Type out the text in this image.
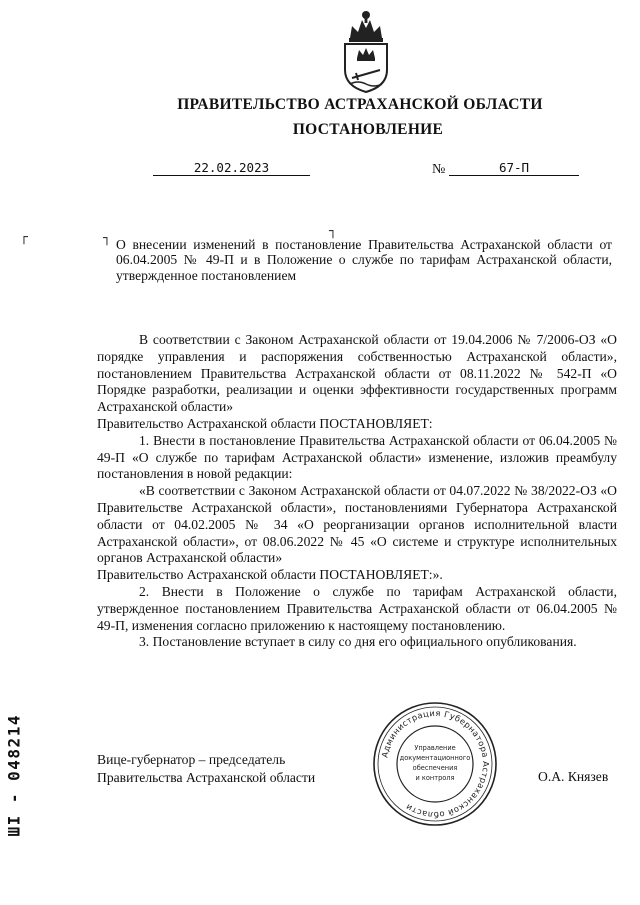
ПРАВИТЕЛЬСТВО АСТРАХАНСКОЙ ОБЛАСТИ
ПОСТАНОВЛЕНИЕ
22.02.2023	№	67-П
┌	┐	┐
О внесении изменений в постановление Правительства Астраханской области от 06.04.2005 № 49-П и в Положение о службе по тарифам Астраханской области, утвержденное постановлением

В соответствии с Законом Астраханской области от 19.04.2006 № 7/2006-ОЗ «О порядке управления и распоряжения собственностью Астраханской области», постановлением Правительства Астраханской области от 08.11.2022 № 542-П «О Порядке разработки, реализации и оценки эффективности государственных программ Астраханской области»

Правительство Астраханской области ПОСТАНОВЛЯЕТ:

1. Внести в постановление Правительства Астраханской области от 06.04.2005 № 49-П «О службе по тарифам Астраханской области» изменение, изложив преамбулу постановления в новой редакции:

«В соответствии с Законом Астраханской области от 04.07.2022 № 38/2022-ОЗ «О Правительстве Астраханской области», постановлениями Губернатора Астраханской области от 04.02.2005 № 34 «О реорганизации органов исполнительной власти Астраханской области», от 08.06.2022 № 45 «О системе и структуре исполнительных органов Астраханской области»

Правительство Астраханской области ПОСТАНОВЛЯЕТ:».

2. Внести в Положение о службе по тарифам Астраханской области, утвержденное постановлением Правительства Астраханской области от 06.04.2005 № 49-П, изменения согласно приложению к настоящему постановлению.

3. Постановление вступает в силу со дня его официального опубликования.

Вице-губернатор – председатель
Правительства Астраханской области	О.А. Князев
Администрация Губернатора Астраханской области
Управление
документационного
обеспечения
и контроля
ШI - 048214
